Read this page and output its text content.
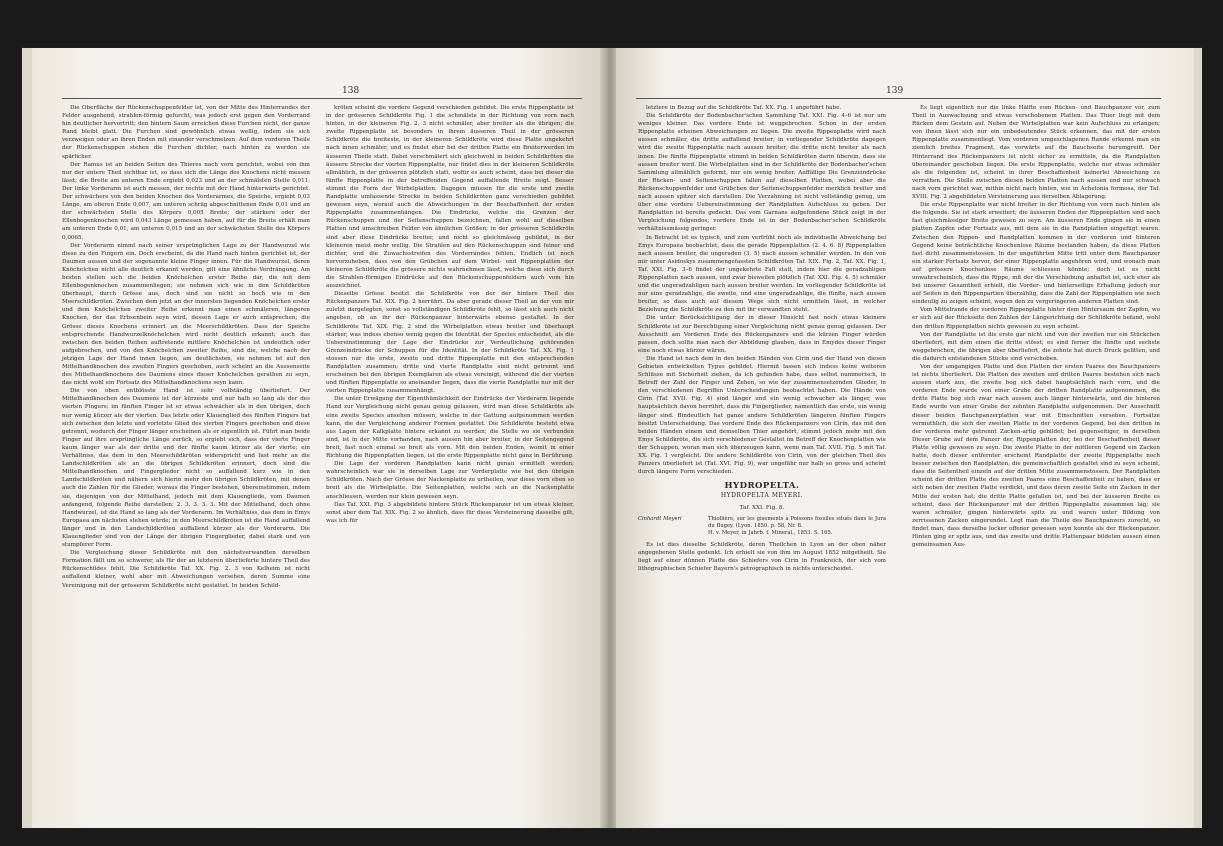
138

Die Oberfläche der Rückenschuppenfelder ist, von der Mitte des Hinterrandes der Felder ausgehend, strahlen-förmig gefurcht, was jedoch erst gegen den Vorderrand hin deutlicher hervortritt; den hintern Saum erreichen diese Furchen nicht, der ganze Rand bleibt glatt. Die Furchen sind gewöhnlich etwas wellig, indem sie sich verzweigen oder an ihren Enden mit einander verschmelzen. Auf dem vorderen Theile der Rückenschuppen stehen die Furchen dichter, nach hinten zu werden sie spärlicher.

Der Ramus ist an beiden Seiten des Thieres nach vorn gerichtet, wobei von ihm nur der untere Theil sichtbar ist, so dass sich die Länge des Knochens nicht messen lässt; die Breite am unteren Ende ergiebt 0,023 und an der schmälsten Stelle 0,011. Der linke Vorderarm ist auch messen, der rechte mit der Hand hinterwärts gerichtet. Der schwächere von den beiden Knochen des Vorderarmes, die Speiche, ergiebt 0,03 Länge, am oberen Ende 0,007, am unteren schräg abgeschnittenen Ende 0,01 und an der schwächsten Stelle des Körpers 0,005 Breite; der stärkere oder der Ellenbogenknochen wird 0,043 Länge gemessen haben, auf für die Breite erhält man am unteren Ende 0,01, am unteren 0,015 und an der schwächsten Stelle des Körpers 0,0065.

Der Vorderarm nimmt nach seiner ursprünglichen Lage zu der Handwurzel wie diese zu den Fingern ein. Doch erscheint, da die Hand nach hinten gerichtet ist, der Daumen aussen und der sogenannte kleine Finger innen. Für die Handwurzel, deren Knöchelchen nicht alle deutlich erkannt werden, gilt eine ähnliche Verdrängung. Am besten stellen sich die beiden Knöchelchen erster Reihe dar, die mit dem Ellenbogenknochen zusammenliegen; sie nehmen sich wie in den Schildkröten überhaupt, durch Grösse aus, doch sind sie nicht so hoch wie in den Meerschildkröten. Zwischen dem jetzt an der innersten liegenden Knöchelchen erster und dem Knöchelchen zweiter Reihe erkennt man einen schmäleren, längeren Knochen, der das Erbsenbein seyn wird, dessen Lage er auch entsprechen; die Grösse dieses Knochens erinnert an die Meerschildkröten. Dass der Speiche entsprechende Handwurzelknöchelchen wird nicht deutlich erkannt; auch das zwischen den beiden Reihen auftretende mittlere Knöchelchen ist undeutlich oder aufgebrochen, und von den Knöchelchen zweiter Reihe, sind die, welche nach der jetzigen Lage der Hand innen liegen, am deutlichsten, sie nehmen ist auf den Mittelhandknochen des zweiten Fingers geschoben, auch scheint an die Aussenseite des Mittelhandknochens des Daumens eines dieser Knöchelchen gerathen zu seyn, das nicht wohl ein Fortsatz des Mittelhandknochens seyn kann.

Die von oben entblösste Hand ist sehr vollständig überliefert. Der Mittelhandknochen des Daumens ist der kürzeste und nur halb so lang als der des vierten Fingers; im fünften Finger ist er etwas schwächer als in den übrigen, doch nur wenig kürzer als der vierten. Das letzte oder Klauenglied des fünften Fingers hat sich zwischen den letzte und vorletzte Glied des vierten Fingers geschoben und diese getrennt, wodurch der Finger länger erscheinen als er eigentlich ist. Führt man beide Finger auf ihre ursprüngliche Länge zurück, so ergiebt sich, dass der vierte Finger kaum länger war als der dritte und der fünfte kaum kürzer als der vierte; ein Verhältniss, das dem in den Meerschildkröten widerspricht und fast mehr an die Landschildkröten als an die übrigen Schildkröten erinnert, doch sind die Mittelhandknochen und Fingerglieder nicht so auffallend kurz wie in den Landschildkröten und nähern sich hierin mehr den übrigen Schildkröten, mit denen auch die Zahlen für die Glieder, woraus die Finger bestehen, übereinstimmen, indem sie, diejenigen von der Mittelhand, jedoch mit dem Klauengliede, vom Daumen anfangend, folgende Reihe darstellen: 2. 3. 3. 3. 3. Mit der Mittelhand, doch ohne Handwurzel, ist die Hand so lang als der Vorderarm. Im Verhältniss, das dem in Emys Europaea am nächsten stehen würde; in den Meerschildkröten ist die Hand auffallend länger und in den Landschildkröten auffallend kürzer als der Vorderarm. Die Klauenglieder sind von der Länge der übrigen Fingerglieder, dabei stark und von stumpferer Form.

Die Vergleichung dieser Schildkröte mit den nächstverwandten derselben Formation fällt um so schwerer, als für der an letzteren überlieferte hintere Theil des Rückenschildes fehlt. Die Schildkröte Taf. XX. Fig. 2. 3 von Kelheim ist nicht auffallend kleiner, wohl aber mit Abweichungen versehen, deren Summe eine Vereinigung mit der grösseren Schildkröte nicht gestattet. In beiden Schild-

kröten scheint die vordere Gegend verschieden gebildet. Die erste Rippenplatte ist in der grösseren Schildkröte Fig. 1 die schmälste in der Richtung von vorn nach hinten, in der kleineren Fig. 2. 3 nicht schmäler, aber breiter als die übrigen; die zweite Rippenplatte ist besonders in ihrem äusseren Theil in der grösseren Schildkröte die breiteste, in der kleineren Schildkröte wird diese Platte ungekehrt nach innen schmäler, und es findet eher bei der dritten Platte ein Breiterwerden im äusseren Theile statt. Dabei verschmälert sich gleichwohl in beiden Schildkröten die äussere Strecke der vierten Rippenplatte, nur findet dies in der kleineren Schildkröte allmählich, in der grösseren plötzlich statt, wofür es auch scheint, dass bei dieser die fünfte Rippenplatte in der betreffenden Gegend auffallende Breite zeigt. Besser stimmt die Form der Wirbelplatten. Dagegen müssen für die erste und zweite Randplatte umfassende Strecke in beiden Schildkröten ganz verschieden gebildet gewesen seyn, worauf auch die Abweichungen in der Beschaffenheit der ersten Rippenplatte zusammenhängen. Die Eindrücke, welche die Grenzen der Rückenschuppen und der Seitenschuppen bezeichnen, fallen wohl auf dieselben Platten und umschreiben Felder von ähnlichen Größen; in der grösseren Schildkröte sind aber diese Eindrücke breiter, und nicht so gleichmässig gebildet, in der kleineren meist mehr wellig. Die Strahlen auf den Rückenschuppen sind feiner und dichter, und die Zuwachsstreifen des Vorderrandes fehlen. Endlich ist noch hervorzuheben, dass von den Grübchen auf dem Wirbel- und Rippenplatten der kleineren Schildkröte die grössere nichts wahrnehmen lässt, welche diese sich durch die Strahlen-förmigen Eindrücke auf den Rückenschuppenfeldern auch vom hin auszeichnet.

Dieselbe Grösse besitzt die Schildkröte von der der hintere Theil des Rückenpanzers Taf. XIX. Fig. 2 herrührt. Da aber gerade dieser Theil an der von mir zuletzt dargelegten, sonst so vollständigen Schildkröte fehlt, so lässt sich auch nicht angeben, ob an ihr der Rückenpanzer hinterwärts ebenso gestaltet. In der Schildkröte Taf. XIX. Fig. 2 sind die Wirbelplatten etwas breiter und überhaupt stärker, was indess ebenso wenig gegen die Identität der Species entscheidet, als die Uebereinstimmung der Lage der Eindrücke zur Verdeutlichung gehörenden Grenzeindrücke der Schuppen für die Identität. In der Schildkröte Taf. XX. Fig. 1 stossen nur die erste, zweite und dritte Rippenplatte mit den entsprechenden Randplatten zusammen; dritte und vierte Randplatte sind nicht getrennt und erscheinen bei den übrigen Exemplaren als etwas vereinigt, während die der vierten und fünften Rippenplatte so aneinander liegen, dass die vierte Randplatte nur mit der vierten Rippenplatte zusammenhängt.

Die unter Erwägung der Eigenthümlichkeit der Eindrücke der Vorderarm liegende Hand zur Vergleichung nicht genau genug gelassen, wird man diese Schildkröte als eine zweite Species ansehen müssen, welche in der Gattung aufgenommen werden kann, die der Vergleichung anderer Formen gestattet. Die Schildkröte besteht etwa aus Lagen der Kalkplatte hintere erkannt zu werden; die Stelle wo sie verbunden sind, ist in der Mitte vorhanden, nach aussen hin aber breiter, in der Seitengegend breit, fast noch einmal so breit als vorn. Mit den beiden Enden, womit in einer Richtung die Rippenplatten liegen, ist die erste Rippenplatte nicht ganz in Berührung.

Die Lage der vorderen Randplatten kann nicht genau ermittelt werden; wahrscheinlich war sie in derselben Lage zur Vorderplatte wie bei den übrigen Schildkröten. Nach der Grösse der Nackenplatte zu urtheilen, war diese vorn eben so breit als die Wirbelplatte. Die Seitenplatten, welche sich an die Nackenplatte anschliessen, werden nur klein gewesen seyn.

Das Taf. XXI. Fig. 3 abgebildete hintere Stück Rückenpanzer ist um etwas kleiner, sonst aber dem Taf. XIX. Fig. 2 so ähnlich, dass für diese Versteinerung dasselbe gilt, was ich für

139

letztere in Bezug auf die Schildkröte Taf. XX. Fig. 1 angeführt habe.

Die Schildkröte der Bodenbacher'schen Sammlung Taf. XXI. Fig. 4–6 ist nur um weniges kleiner. Das vordere Ende ist weggebrochen. Schon in der ersten Rippenplatte scheinen Abweichungen zu liegen. Die zweite Rippenplatte wird nach aussen schmäler, die dritte auffallend breiter; in vorliegender Schildkröte dagegen wird die zweite Rippenplatte nach aussen breiter, die dritte nicht breiter als nach innen. Die fünfte Rippenplatte stimmt in beiden Schildkröten darin überein, dass sie aussen breiter wird. Die Wirbelplatten sind in der Schildkröte der Bodenbacher'schen Sammlung allmählich geformt, nur ein wenig breiter. Auffällige Die Grenzeindrücke der Rücken- und Seitenschuppen fallen auf dieselben Platten, wobei aber die Rückenschuppenfelder und Grübchen der Seitenschuppenfelder merklich breiter und nach aussen spitzer sich darstellen. Die Verzahnung ist nicht vollständig genug, um über eine vordere Uebereinstimmung der Randplatten Aufschluss zu geben. Der Randplatten ist bereits gedeckt. Das vom Garnans aufgefundene Stück zeigt in der Vergleichung folgendes; vordere Ende ist in der Bodenbacher'schen Schildkröte verhältnissmässig geringer.

In Betracht ist es typisch, und zum verfrüht noch als individuelle Abweichung bei Emys Europaea beobachtet, dass die gerade Rippenplatten (2. 4. 6. 8) Rippenplatten nach aussen breiter, die ungeraden (3. 5) nach aussen schmäler werden. In den von mir unter Asidoskys zusammengefassten Schildkröten Taf. XIX. Fig. 2, Taf. XX. Fig. 1, Taf. XXI. Fig. 3–6 findet der ungekehrte Fall statt, indem hier die geradzahligen Rippenplatten nach aussen, und zwar bisweilen plötzlich (Taf. XXI. Fig. 4. 5) schmäler und die ungeradzahligen nach aussen breiter werden. Im vorliegender Schildkröte ist nur eine geradzahlige, die zweite, und eine ungeradzahlige, die fünfte, nach aussen breiter, so dass auch auf diesem Wege sich nicht ermitteln lässt, in welcher Beziehung die Schildkröte zu den mit ihr verwandten steht.

Die unter Berücksichtigung der in dieser Hinsicht fast noch etwas kleinere Schildkröte ist zur Berechtigung einer Vergleichung nicht genau genug gelassen. Der Ausschnitt am Vorderen Ende des Rückenpanzers und die kürzen Finger würden passen, doch sollte man nach der Abbildung glauben, dass in Emydes dieser Finger eine noch etwas kürzer wären.

Die Hand ist nach dem in den beiden Händen von Cirin und der Hand von diesen Gebieten entwickelten Typus gebildet. Hiermit lassen sich indess keine weiteren Schlüsse mit Sicherheit ziehen, da ich gefunden habe, dass selbst nummerisch, in Betreff der Zahl der Finger und Zehen, so wie der zusammensetzenden Glieder, in den verschiedenen Begriffen Unterscheidungen beobachtet haben. Die Hände von Cirin (Taf. XVII. Fig. 4) sind länger und ein wenig schwacher als länger, was hauptsächlich davon herrührt, dass die Fingerglieder, namentlich das erste, ein wenig länger sind. Bindeutlich hat ganze andere Schildkröten längeren fünften Fingers besitzt Unterscheidung. Das vordere Ende des Rückenpanzers von Cirin, das mit den beiden Händen einem und demselben Thier angehört, stimmt jedoch mehr mit den Emys Schildkröte, die sich verschiedener Gestaltet im Betreff der Knochenplatten wie der Schuppen, woran man sich überzeugen kann, wenn man Taf. XVII. Fig. 5 mit Taf. XX. Fig. 1 vergleicht. Die andere Schildkröte von Cirin, von der gleichen Theil des Panzers überliefert ist (Taf. XVI. Fig. 9), war ungefähr nur halb so gross und scheint durch längere Form verschieden.

HYDROPELTA.
HYDROPELTA MEYERI.
Taf. XXI. Fig. 8.
Cinhardt Meyeri	Thiollière, sur les gisements à Poissons fossiles situés dans le Jura du Bugey. (Lyon. 1850. p. 58, Nr. 8.
H. v. Meyer, in Jahrb. f. Mineral., 1853. S. 165.

Es ist dies dieselbe Schildkröte, deren Theilchen in Lyon an der oben näher angegebenen Stelle gedenkt. Ich erhielt sie von ihm im August 1852 mitgetheilt. Sie liegt auf einer dünnen Platte des Schiefers von Cirin in Frankreich, der sich vom lithographischen Schiefer Bayern's petrographisch in nichts unterscheidet.

Es liegt eigentlich nur die linke Hälfte vom Rücken- und Bauchpanzer vor, zum Theil in Auswachsung und etwas verschobenem Platten. Das Thier liegt mit dem Rücken dem Gestein auf. Neben der Wirbelplatten war kein Aufschluss zu erlangen; von ihnen lässt sich nur ein unbedeutendes Stück erkennen, das mit der ersten Rippenplatte zusammenliegt. Vom vorderen umgeschlagenen Rande erkennt man ein ziemlich breites Fragment, das vorwärts auf die Bauchseite herumgreift. Der Hinterrand des Rückenpanzers ist nicht sicher zu ermitteln, da die Randplatten übereinander geschoben liegen. Die erste Rippenplatte, welche nur etwas schmäler als die folgenden ist, scheint in ihrer Beschaffenheit keinerlei Abweichung zu verrathen. Die Stelle zwischen diesen beiden Platten nach aussen und nur schwach nach vorn gerichtet war, mithin nicht nach hinten, wie in Achelonia formosa, der Taf. XVIII. Fig. 2 abgebildeten Versteinerung aus derselben Ablagerung.

Die erste Rippenplatte war nicht breiter in der Richtung von vorn nach hinten als die folgende. Sie ist stark erweitert; die äusseren Enden der Rippenplatten sind noch fast gleichmässiger Breite gewesen zu seyn. Am äusseren Ende gingen sie in einen platten Zapfen oder Fortsatz aus, mit dem sie in die Randplatten eingefügt waren. Zwischen den Rippen- und Randplatten kommen in der vorderen und hinteren Gegend keine beträchtliche Knochenlose Räume bestanden haben, da diese Platten fast dicht zusammenstossen. In der ungeführten Mitte tritt unter dem Bauchpanzer ein starker Fortsatz hervor, der einer Rippenplatte angehören wird, und wonach man auf grössere Knochenlose Räume schliessen könnte; doch ist es nicht unwahrscheinlich, dass die Rippe, mit der die Verschiebung anhaftet ist, sich eher als bei unserer Gesamtheit erhielt, die Vorder- und hinterseitige Erhaltung jedoch nur auf Seiten in den Rippenpartien überzählig, dass die Zahl der Rippenplatten wie noch eindeutig zu zeigen scheint, wegen den zu vergeringeren anderen Platten sind.

Vom Mittelrande der vorderen Rippenplatte hinter dem Hintersaum der Zapfen, wo er sich auf der Rückseite den Zahlen der Längerichtung der Schildkröte befand, wohl den dritten Rippenplatten nichts gewesen zu seyn scheint.

Von der Randplatte ist die erste gar nicht und von der zweiten nur ein Stückchen überliefert, mit dem einen die dritte stösst; es sind ferner die fünfte und sechste weggebrochen, die übrigen aber überliefert, die zehnte hat durch Druck gelitten, und die dadurch entstandenen Stücke sind verschoben.

Von der umgangigen Platte und den Platten der ersten Paares des Bauchpanzers ist nichts überliefert. Die Platten des zweiten und dritten Paares bestehen sich nach aussen stark aus, die zweite bog sich dabei hauptsächlich nach vorn, und die vorderen Ende wurde von einer Grube der dritten Randplatte aufgenommen, die dritte Platte bog sich zwar nach aussen auch länger hinterwärts, und die hinteren Ende wurde von einer Grube der zehnten Randplatte aufgenommen. Der Ausschnitt dieser beiden Bauchpanzerplatten war mit Einschnitten versehen. Fortsätze vermuthlich, die sich der zweiten Platte in der vorderen Gegend, bei den dritten in der vorderen mehr getrennt Zacken-artig gebildet; bei gegenseitiger, in derselben Dieser Grube auf dem Panzer der, Rippenplatten der, bei der Beschaffenheit dieser Platte völlig gewesen zu seyn. Die zweite Platte in der mittleren Gegend ein Zacken hatte, doch dieser entfernter erscheint Randplatte der zweite Rippenplatte noch besser zwischen den Randplatten, die gemeinschaftlich gestaltet sind zu seyn scheint, dass die Seitentheil einzeln auf der dritten Mitte zusammenstossen. Der Randplatten scheint der dritten Platte des zweiten Paares eine Beschaffenheit zu haben, dass er sich neben der zweiten Platte verdickt, und dass deren zweite Seite ein Zacken in der Mitte der ersten hat; die dritte Platte gefallen ist, und bei der äusseren Breite es scheint, dass der Rückenpanzer mit der dritten Rippenplatte zusammen lag; sie waren schmäler, gingen hinterwärts spitz zu und waren unter Bildung von zerrissenen Zacken eingerundet. Legt man die Theile des Bauchpanzers zurecht, so findet man, dass derselbe locker offener gewesen seyn konnte als der Rückenpanzer. Hinten ging er spitz aus, und das zweite und dritte Plattenpaar bildeten aussen einen gemeinsamen Aus-
